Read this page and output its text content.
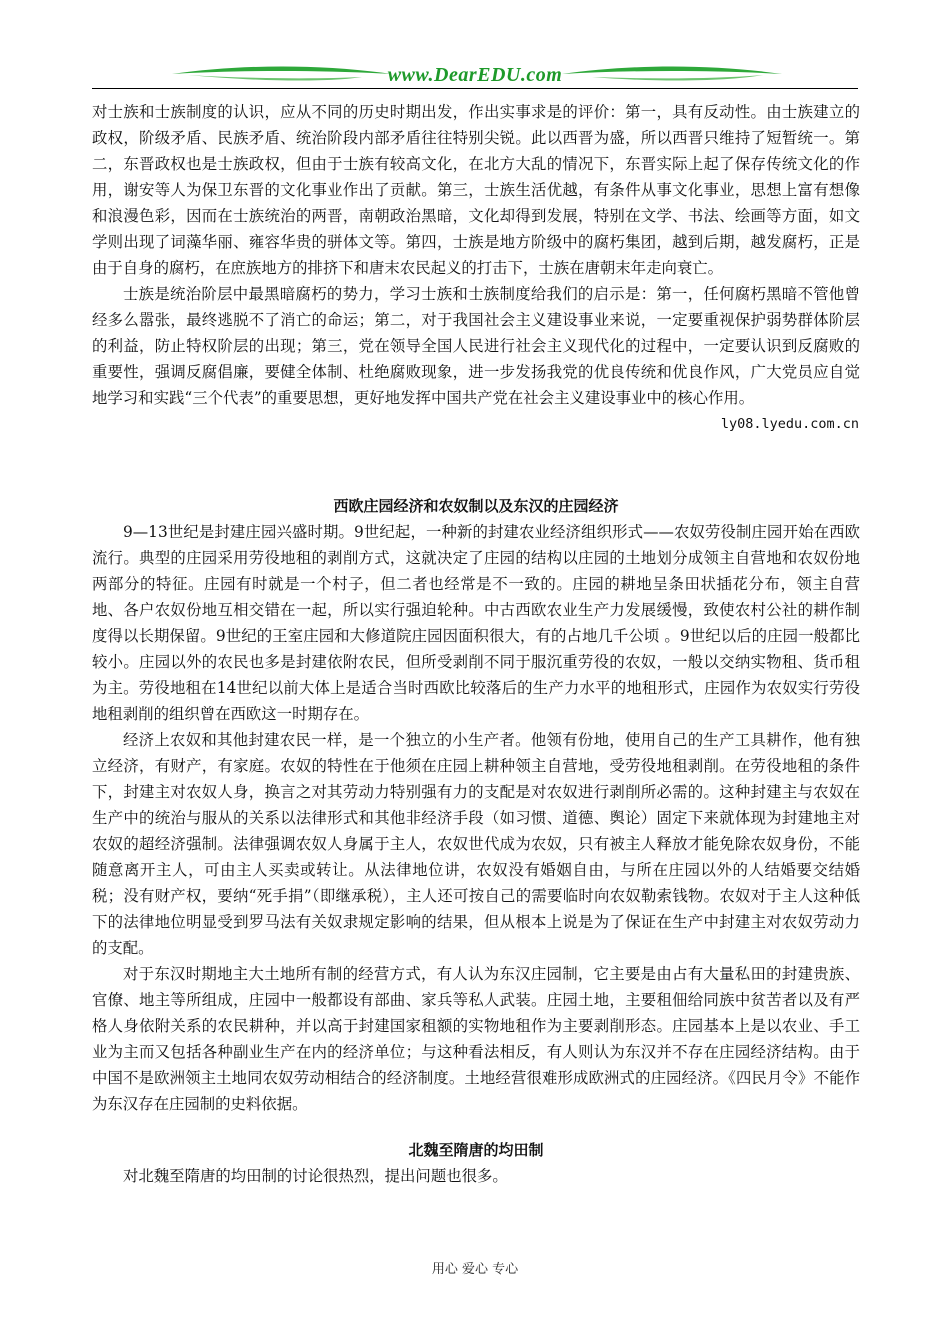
www.DearEDU.com

对士族和士族制度的认识，应从不同的历史时期出发，作出实事求是的评价：第一，具有反动性。由士族建立的政权，阶级矛盾、民族矛盾、统治阶段内部矛盾往往特别尖锐。此以西晋为盛，所以西晋只维持了短暂统一。第二，东晋政权也是士族政权，但由于士族有较高文化，在北方大乱的情况下，东晋实际上起了保存传统文化的作用，谢安等人为保卫东晋的文化事业作出了贡献。第三，士族生活优越，有条件从事文化事业，思想上富有想像和浪漫色彩，因而在士族统治的两晋，南朝政治黑暗，文化却得到发展，特别在文学、书法、绘画等方面，如文学则出现了词藻华丽、雍容华贵的骈体文等。第四，士族是地方阶级中的腐朽集团，越到后期，越发腐朽，正是由于自身的腐朽，在庶族地方的排挤下和唐末农民起义的打击下，士族在唐朝末年走向衰亡。

士族是统治阶层中最黑暗腐朽的势力，学习士族和士族制度给我们的启示是：第一，任何腐朽黑暗不管他曾经多么嚣张，最终逃脱不了消亡的命运；第二，对于我国社会主义建设事业来说，一定要重视保护弱势群体阶层的利益，防止特权阶层的出现；第三，党在领导全国人民进行社会主义现代化的过程中，一定要认识到反腐败的重要性，强调反腐倡廉，要健全体制、杜绝腐败现象，进一步发扬我党的优良传统和优良作风，广大党员应自觉地学习和实践“三个代表”的重要思想，更好地发挥中国共产党在社会主义建设事业中的核心作用。

ly08.lyedu.com.cn

西欧庄园经济和农奴制以及东汉的庄园经济

9—13世纪是封建庄园兴盛时期。9世纪起，一种新的封建农业经济组织形式——农奴劳役制庄园开始在西欧流行。典型的庄园采用劳役地租的剥削方式，这就决定了庄园的结构以庄园的土地划分成领主自营地和农奴份地两部分的特征。庄园有时就是一个村子，但二者也经常是不一致的。庄园的耕地呈条田状插花分布，领主自营地、各户农奴份地互相交错在一起，所以实行强迫轮种。中古西欧农业生产力发展缓慢，致使农村公社的耕作制度得以长期保留。9世纪的王室庄园和大修道院庄园因面积很大，有的占地几千公顷 。9世纪以后的庄园一般都比较小。庄园以外的农民也多是封建依附农民，但所受剥削不同于服沉重劳役的农奴，一般以交纳实物租、货币租为主。劳役地租在14世纪以前大体上是适合当时西欧比较落后的生产力水平的地租形式，庄园作为农奴实行劳役地租剥削的组织曾在西欧这一时期存在。

经济上农奴和其他封建农民一样，是一个独立的小生产者。他领有份地，使用自己的生产工具耕作，他有独立经济，有财产，有家庭。农奴的特性在于他须在庄园上耕种领主自营地，受劳役地租剥削。在劳役地租的条件下，封建主对农奴人身，换言之对其劳动力特别强有力的支配是对农奴进行剥削所必需的。这种封建主与农奴在生产中的统治与服从的关系以法律形式和其他非经济手段（如习惯、道德、舆论）固定下来就体现为封建地主对农奴的超经济强制。法律强调农奴人身属于主人，农奴世代成为农奴，只有被主人释放才能免除农奴身份，不能随意离开主人，可由主人买卖或转让。从法律地位讲，农奴没有婚姻自由，与所在庄园以外的人结婚要交结婚税；没有财产权，要纳“死手捐”（即继承税），主人还可按自己的需要临时向农奴勒索钱物。农奴对于主人这种低下的法律地位明显受到罗马法有关奴隶规定影响的结果，但从根本上说是为了保证在生产中封建主对农奴劳动力的支配。

对于东汉时期地主大土地所有制的经营方式，有人认为东汉庄园制，它主要是由占有大量私田的封建贵族、官僚、地主等所组成，庄园中一般都设有部曲、家兵等私人武装。庄园土地，主要租佃给同族中贫苦者以及有严格人身依附关系的农民耕种，并以高于封建国家租额的实物地租作为主要剥削形态。庄园基本上是以农业、手工业为主而又包括各种副业生产在内的经济单位；与这种看法相反，有人则认为东汉并不存在庄园经济结构。由于中国不是欧洲领主土地同农奴劳动相结合的经济制度。土地经营很难形成欧洲式的庄园经济。《四民月令》不能作为东汉存在庄园制的史料依据。

北魏至隋唐的均田制

对北魏至隋唐的均田制的讨论很热烈，提出问题也很多。

用心 爱心 专心
